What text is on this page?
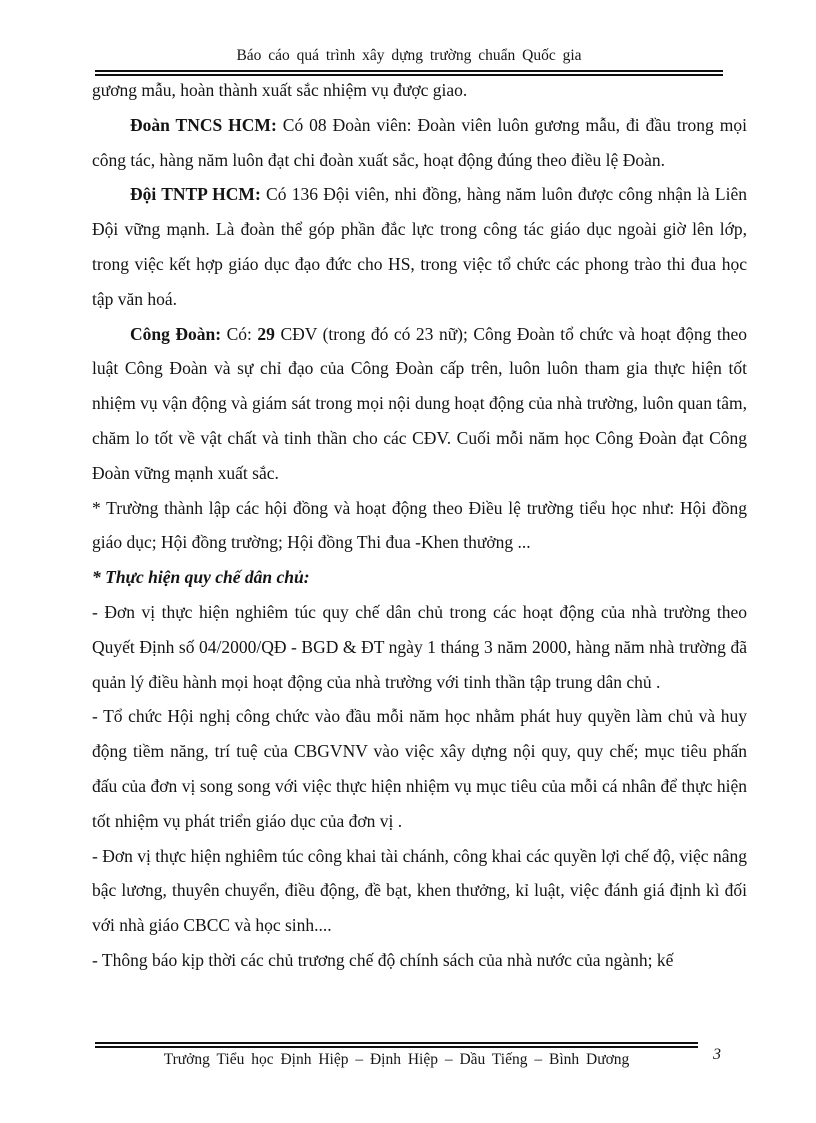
Báo cáo quá trình xây dựng trường chuẩn Quốc gia

gương mẫu, hoàn thành xuất sắc nhiệm vụ được giao.

Đoàn TNCS HCM: Có 08 Đoàn viên: Đoàn viên luôn gương mẫu, đi đầu trong mọi công tác, hàng năm luôn đạt chi đoàn xuất sắc, hoạt động đúng theo điều lệ Đoàn.

Đội TNTP HCM: Có 136 Đội viên, nhi đồng, hàng năm luôn được công nhận là Liên Đội vững mạnh. Là đoàn thể góp phần đắc lực trong công tác giáo dục ngoài giờ lên lớp, trong việc kết hợp giáo dục đạo đức cho HS, trong việc tổ chức các phong trào thi đua học tập văn hoá.

Công Đoàn: Có: 29 CĐV (trong đó có 23 nữ); Công Đoàn tổ chức và hoạt động theo luật Công Đoàn và sự chỉ đạo của Công Đoàn cấp trên, luôn luôn tham gia thực hiện tốt nhiệm vụ vận động và giám sát trong mọi nội dung hoạt động của nhà trường, luôn quan tâm, chăm lo tốt về vật chất và tinh thần cho các CĐV. Cuối mỗi năm học Công Đoàn đạt Công Đoàn vững mạnh xuất sắc.

* Trường thành lập các hội đồng và hoạt động theo Điều lệ trường tiểu học như: Hội đồng giáo dục; Hội đồng trường; Hội đồng Thi đua -Khen thưởng ...

* Thực hiện quy chế dân chủ:

- Đơn vị thực hiện nghiêm túc quy chế dân chủ trong các hoạt động của nhà trường theo Quyết Định số 04/2000/QĐ - BGD & ĐT ngày 1 tháng 3 năm 2000, hàng năm nhà trường đã quản lý điều hành mọi hoạt động của nhà trường với tinh thần tập trung dân chủ .

- Tổ chức Hội nghị công chức vào đầu mỗi năm học nhằm phát huy quyền làm chủ và huy động tiềm năng, trí tuệ của CBGVNV vào việc xây dựng nội quy, quy chế; mục tiêu phấn đấu của đơn vị song song với việc thực hiện nhiệm vụ mục tiêu của mỗi cá nhân để thực hiện tốt nhiệm vụ phát triển giáo dục của đơn vị .

- Đơn vị thực hiện nghiêm túc công khai tài chánh, công khai các quyền lợi chế độ, việc nâng bậc lương, thuyên chuyển, điều động, đề bạt, khen thưởng, kỉ luật, việc đánh giá định kì đối với nhà giáo CBCC và học sinh....

- Thông báo kịp thời các chủ trương chế độ chính sách của nhà nước của ngành; kế

Trưởng Tiểu học Định Hiệp – Định Hiệp – Dầu Tiếng – Bình Dương	3
